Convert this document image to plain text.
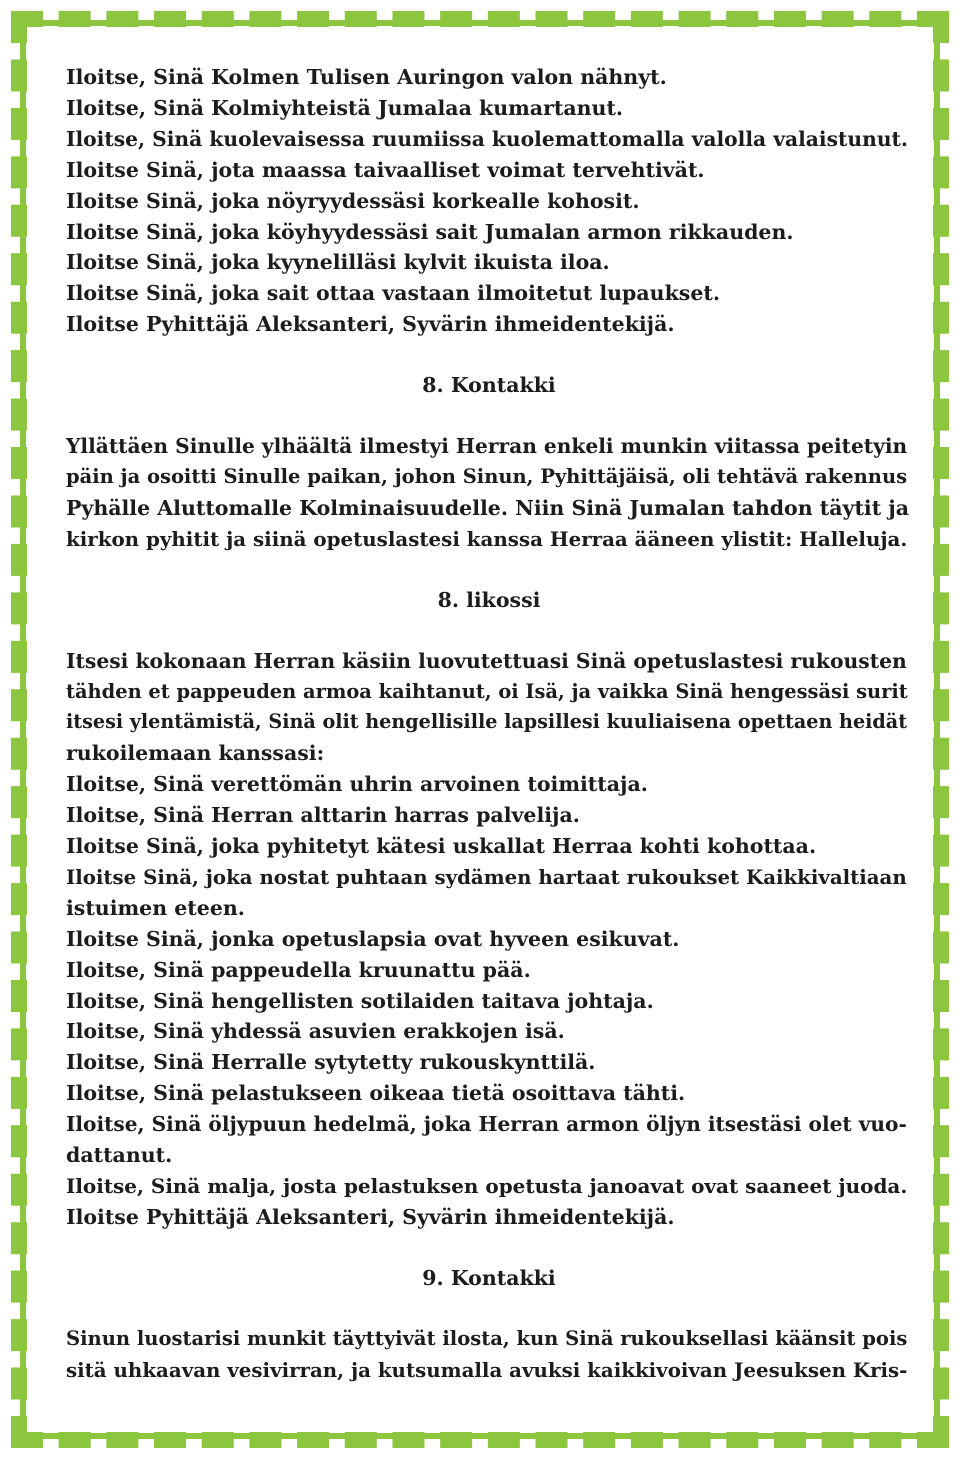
Iloitse, Sinä Kolmen Tulisen Auringon valon nähnyt.

Iloitse, Sinä Kolmiyhteistä Jumalaa kumartanut.

Iloitse, Sinä kuolevaisessa ruumiissa kuolemattomalla valolla valaistunut.

Iloitse Sinä, jota maassa taivaalliset voimat tervehtivät.

Iloitse Sinä, joka nöyryydessäsi korkealle kohosit.

Iloitse Sinä, joka köyhyydessäsi sait Jumalan armon rikkauden.

Iloitse Sinä, joka kyynelilläsi kylvit ikuista iloa.

Iloitse Sinä, joka sait ottaa vastaan ilmoitetut lupaukset.

Iloitse Pyhittäjä Aleksanteri, Syvärin ihmeidentekijä.

8. Kontakki

Yllättäen Sinulle ylhäältä ilmestyi Herran enkeli munkin viitassa peitetyin

päin ja osoitti Sinulle paikan, johon Sinun, Pyhittäjäisä, oli tehtävä rakennus

Pyhälle Aluttomalle Kolminaisuudelle. Niin Sinä Jumalan tahdon täytit ja

kirkon pyhitit ja siinä opetuslastesi kanssa Herraa ääneen ylistit: Halleluja.

8. likossi

Itsesi kokonaan Herran käsiin luovutettuasi Sinä opetuslastesi rukousten

tähden et pappeuden armoa kaihtanut, oi Isä, ja vaikka Sinä hengessäsi surit

itsesi ylentämistä, Sinä olit hengellisille lapsillesi kuuliaisena opettaen heidät

rukoilemaan kanssasi:

Iloitse, Sinä verettömän uhrin arvoinen toimittaja.

Iloitse, Sinä Herran alttarin harras palvelija.

Iloitse Sinä, joka pyhitetyt kätesi uskallat Herraa kohti kohottaa.

Iloitse Sinä, joka nostat puhtaan sydämen hartaat rukoukset Kaikkivaltiaan

istuimen eteen.

Iloitse Sinä, jonka opetuslapsia ovat hyveen esikuvat.

Iloitse, Sinä pappeudella kruunattu pää.

Iloitse, Sinä hengellisten sotilaiden taitava johtaja.

Iloitse, Sinä yhdessä asuvien erakkojen isä.

Iloitse, Sinä Herralle sytytetty rukouskynttilä.

Iloitse, Sinä pelastukseen oikeaa tietä osoittava tähti.

Iloitse, Sinä öljypuun hedelmä, joka Herran armon öljyn itsestäsi olet vuo-

dattanut.

Iloitse, Sinä malja, josta pelastuksen opetusta janoavat ovat saaneet juoda.

Iloitse Pyhittäjä Aleksanteri, Syvärin ihmeidentekijä.

9. Kontakki

Sinun luostarisi munkit täyttyivät ilosta, kun Sinä rukouksellasi käänsit pois

sitä uhkaavan vesivirran, ja kutsumalla avuksi kaikkivoivan Jeesuksen Kris-
